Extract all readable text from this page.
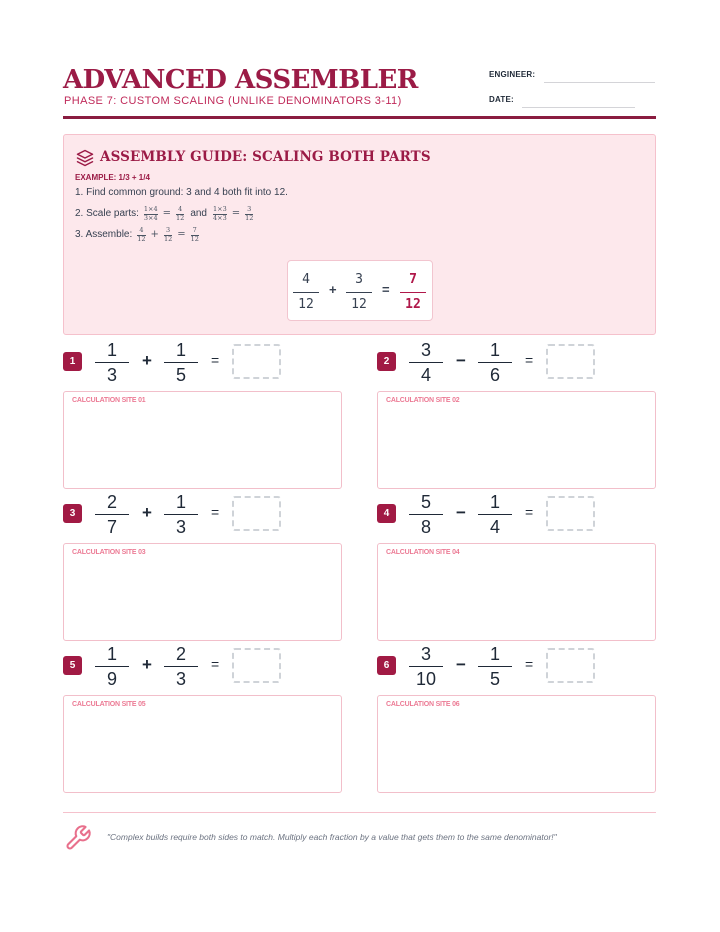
ADVANCED ASSEMBLER
PHASE 7: CUSTOM SCALING (UNLIKE DENOMINATORS 3-11)
ENGINEER:
DATE:
ASSEMBLY GUIDE: SCALING BOTH PARTS
EXAMPLE: 1/3 + 1/4
1. Find common ground: 3 and 4 both fit into 12.
2. Scale parts: $\frac{1\times 4}{3\times 4} = \frac{4}{12}$ and $\frac{1\times 3}{4\times 3} = \frac{3}{12}$
3. Assemble: $\frac{4}{12} + \frac{3}{12} = \frac{7}{12}$
4
12
+
3
12
=
7
12
1
1
3
+
1
5
=
CALCULATION SITE 01
2
3
4
−
1
6
=
CALCULATION SITE 02
3
2
7
+
1
3
=
CALCULATION SITE 03
4
5
8
−
1
4
=
CALCULATION SITE 04
5
1
9
+
2
3
=
CALCULATION SITE 05
6
3
10
−
1
5
=
CALCULATION SITE 06
"Complex builds require both sides to match. Multiply each fraction by a value that gets them to the same denominator!"
